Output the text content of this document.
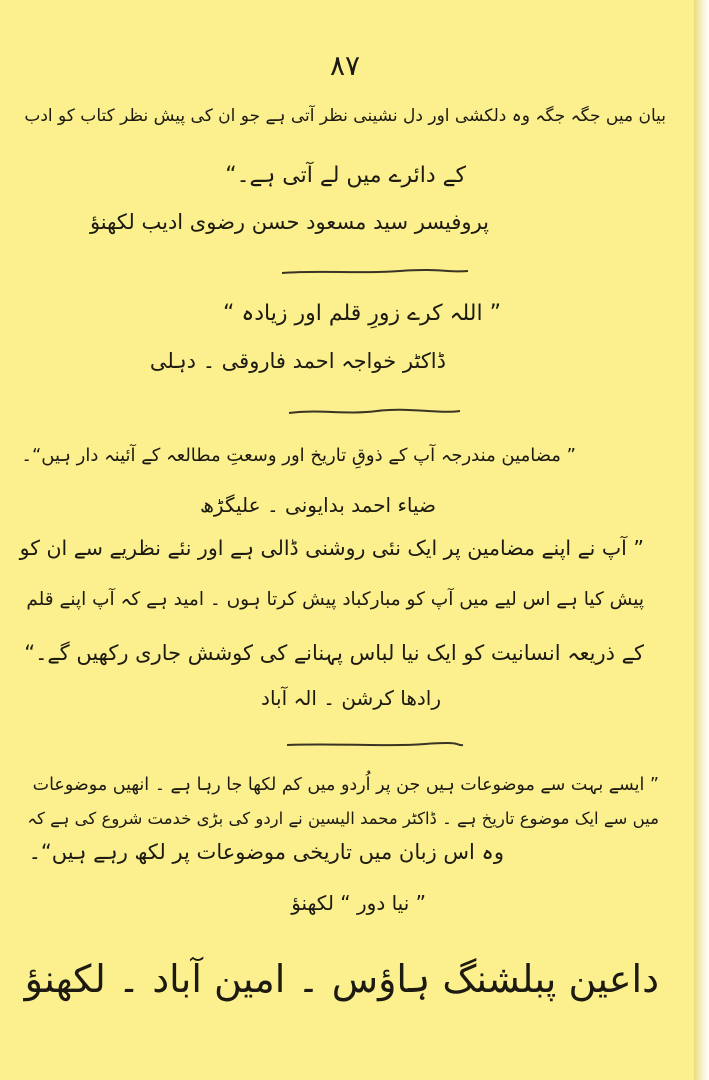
۸۷
بیان میں جگہ جگہ وہ دلکشی اور دل نشینی نظر آتی ہے جو ان کی پیش نظر کتاب کو ادب
کے دائرے میں لے آتی ہے۔“
پروفیسر سید مسعود حسن رضوی ادیب لکھنؤ
” اللہ کرے زورِ قلم اور زیادہ “
ڈاکٹر خواجہ احمد فاروقی ۔ دہلی
” مضامین مندرجہ آپ کے ذوقِ تاریخ اور وسعتِ مطالعہ کے آئینہ دار ہیں“۔
ضیاء احمد بدایونی ۔ علیگڑھ
” آپ نے اپنے مضامین پر ایک نئی روشنی ڈالی ہے اور نئے نظریے سے ان کو
پیش کیا ہے اس لیے میں آپ کو مبارکباد پیش کرتا ہوں ۔ امید ہے کہ آپ اپنے قلم
کے ذریعہ انسانیت کو ایک نیا لباس پہنانے کی کوشش جاری رکھیں گے۔“
رادھا کرشن ۔ الہ آباد
” ایسے بہت سے موضوعات ہیں جن پر اُردو میں کم لکھا جا رہا ہے ۔ انھیں موضوعات
میں سے ایک موضوع تاریخ ہے ۔ ڈاکٹر محمد الیسین نے اردو کی بڑی خدمت شروع کی ہے کہ
وہ اس زبان میں تاریخی موضوعات پر لکھ رہے ہیں“۔
” نیا دور “ لکھنؤ
داعین پبلشنگ ہاؤس ۔ امین آباد ۔ لکھنؤ
